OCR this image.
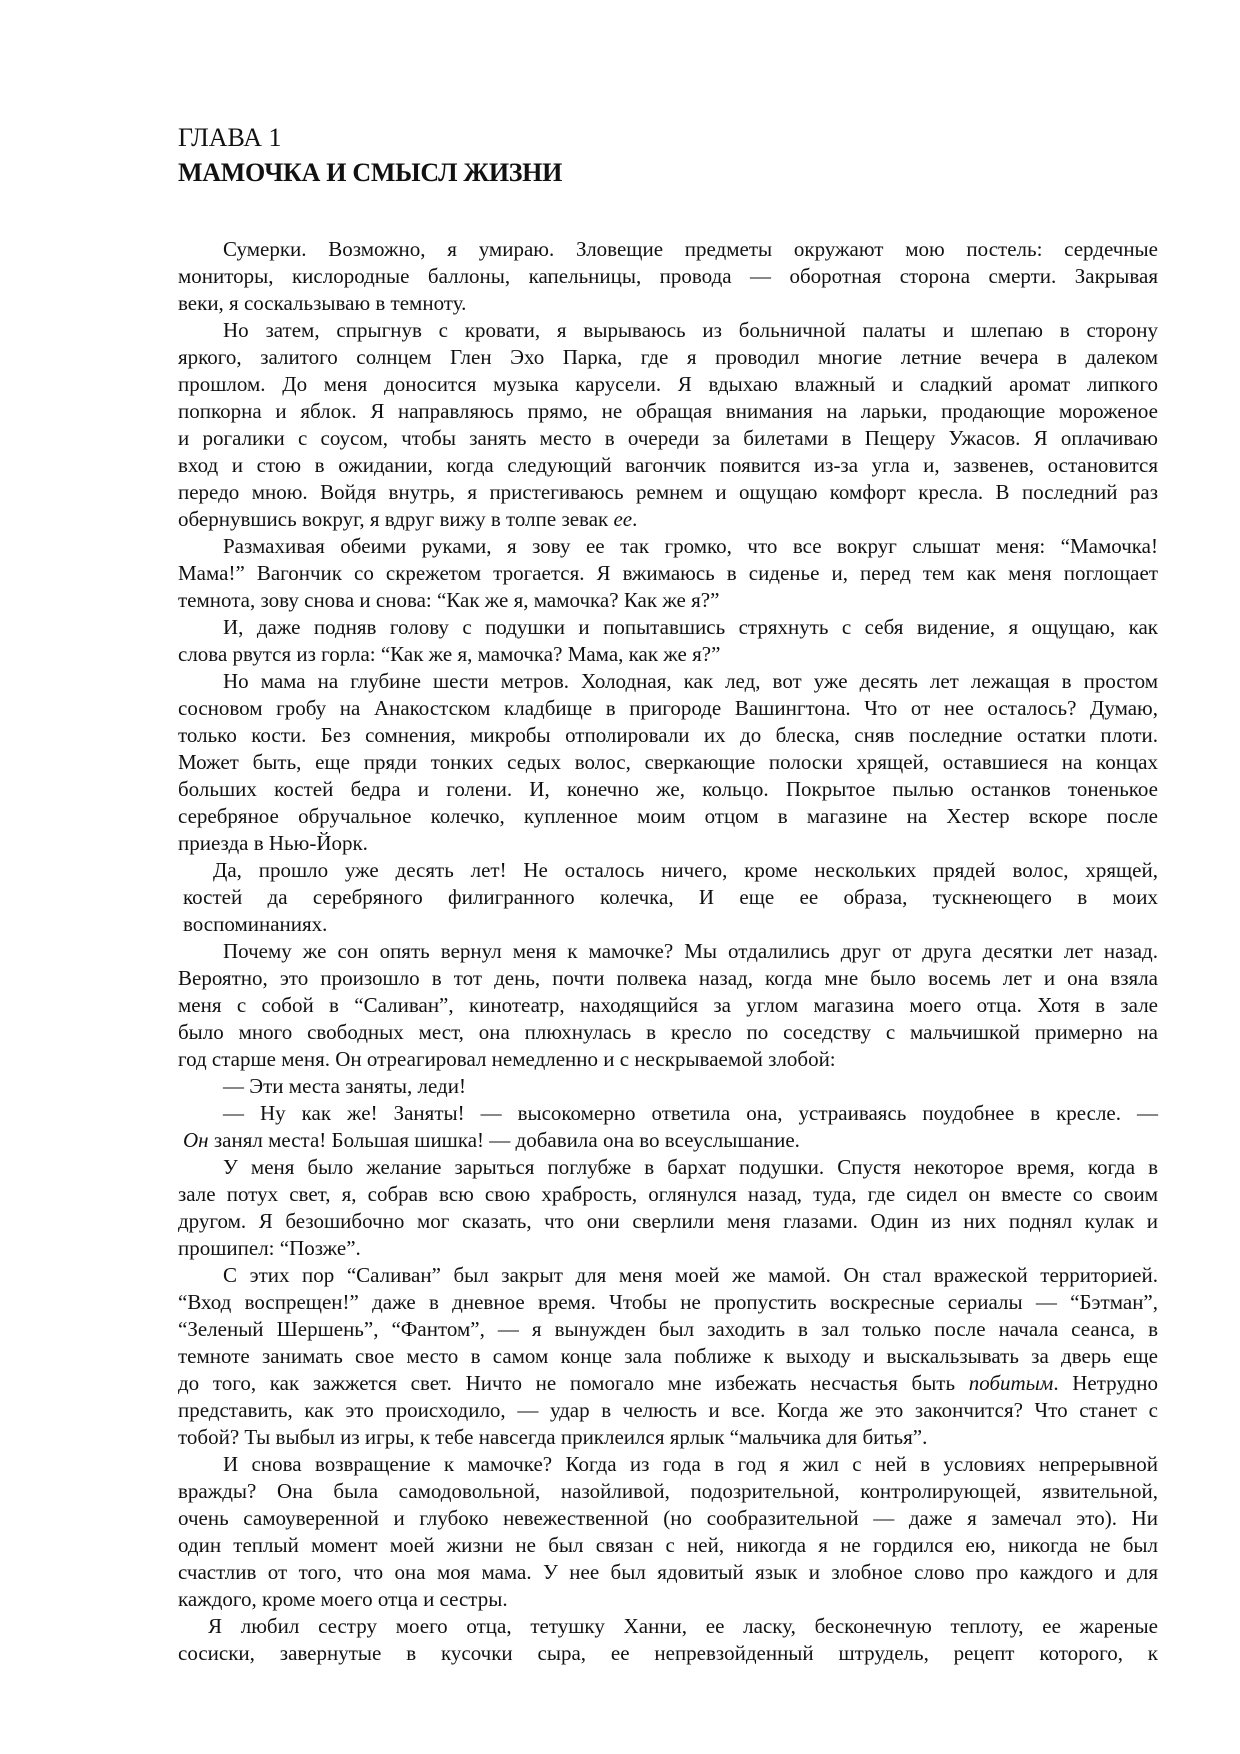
ГЛАВА 1
МАМОЧКА И СМЫСЛ ЖИЗНИ
Сумерки. Возможно, я умираю. Зловещие предметы окружают мою постель: сердечные
мониторы, кислородные баллоны, капельницы, провода — оборотная сторона смерти. Закрывая
веки, я соскальзываю в темноту.
Но затем, спрыгнув с кровати, я вырываюсь из больничной палаты и шлепаю в сторону
яркого, залитого солнцем Глен Эхо Парка, где я проводил многие летние вечера в далеком
прошлом. До меня доносится музыка карусели. Я вдыхаю влажный и сладкий аромат липкого
попкорна и яблок. Я направляюсь прямо, не обращая внимания на ларьки, продающие мороженое
и рогалики с соусом, чтобы занять место в очереди за билетами в Пещеру Ужасов. Я оплачиваю
вход и стою в ожидании, когда следующий вагончик появится из-за угла и, зазвенев, остановится
передо мною. Войдя внутрь, я пристегиваюсь ремнем и ощущаю комфорт кресла. В последний раз
обернувшись вокруг, я вдруг вижу в толпе зевак ее.
Размахивая обеими руками, я зову ее так громко, что все вокруг слышат меня: “Мамочка!
Мама!” Вагончик со скрежетом трогается. Я вжимаюсь в сиденье и, перед тем как меня поглощает
темнота, зову снова и снова: “Как же я, мамочка? Как же я?”
И, даже подняв голову с подушки и попытавшись стряхнуть с себя видение, я ощущаю, как
слова рвутся из горла: “Как же я, мамочка? Мама, как же я?”
Но мама на глубине шести метров. Холодная, как лед, вот уже десять лет лежащая в простом
сосновом гробу на Анакостском кладбище в пригороде Вашингтона. Что от нее осталось? Думаю,
только кости. Без сомнения, микробы отполировали их до блеска, сняв последние остатки плоти.
Может быть, еще пряди тонких седых волос, сверкающие полоски хрящей, оставшиеся на концах
больших костей бедра и голени. И, конечно же, кольцо. Покрытое пылью останков тоненькое
серебряное обручальное колечко, купленное моим отцом в магазине на Хестер вскоре после
приезда в Нью-Йорк.
Да, прошло уже десять лет! Не осталось ничего, кроме нескольких прядей волос, хрящей,
костей да серебряного филигранного колечка, И еще ее образа, тускнеющего в моих
воспоминаниях.
Почему же сон опять вернул меня к мамочке? Мы отдалились друг от друга десятки лет назад.
Вероятно, это произошло в тот день, почти полвека назад, когда мне было восемь лет и она взяла
меня с собой в “Саливан”, кинотеатр, находящийся за углом магазина моего отца. Хотя в зале
было много свободных мест, она плюхнулась в кресло по соседству с мальчишкой примерно на
год старше меня. Он отреагировал немедленно и с нескрываемой злобой:
— Эти места заняты, леди!
— Ну как же! Заняты! — высокомерно ответила она, устраиваясь поудобнее в кресле. —
Он занял места! Большая шишка! — добавила она во всеуслышание.
У меня было желание зарыться поглубже в бархат подушки. Спустя некоторое время, когда в
зале потух свет, я, собрав всю свою храбрость, оглянулся назад, туда, где сидел он вместе со своим
другом. Я безошибочно мог сказать, что они сверлили меня глазами. Один из них поднял кулак и
прошипел: “Позже”.
С этих пор “Саливан” был закрыт для меня моей же мамой. Он стал вражеской территорией.
“Вход воспрещен!” даже в дневное время. Чтобы не пропустить воскресные сериалы — “Бэтман”,
“Зеленый Шершень”, “Фантом”, — я вынужден был заходить в зал только после начала сеанса, в
темноте занимать свое место в самом конце зала поближе к выходу и выскальзывать за дверь еще
до того, как зажжется свет. Ничто не помогало мне избежать несчастья быть побитым. Нетрудно
представить, как это происходило, — удар в челюсть и все. Когда же это закончится? Что станет с
тобой? Ты выбыл из игры, к тебе навсегда приклеился ярлык “мальчика для битья”.
И снова возвращение к мамочке? Когда из года в год я жил с ней в условиях непрерывной
вражды? Она была самодовольной, назойливой, подозрительной, контролирующей, язвительной,
очень самоуверенной и глубоко невежественной (но сообразительной — даже я замечал это). Ни
один теплый момент моей жизни не был связан с ней, никогда я не гордился ею, никогда не был
счастлив от того, что она моя мама. У нее был ядовитый язык и злобное слово про каждого и для
каждого, кроме моего отца и сестры.
Я любил сестру моего отца, тетушку Ханни, ее ласку, бесконечную теплоту, ее жареные
сосиски, завернутые в кусочки сыра, ее непревзойденный штрудель, рецепт которого, к
